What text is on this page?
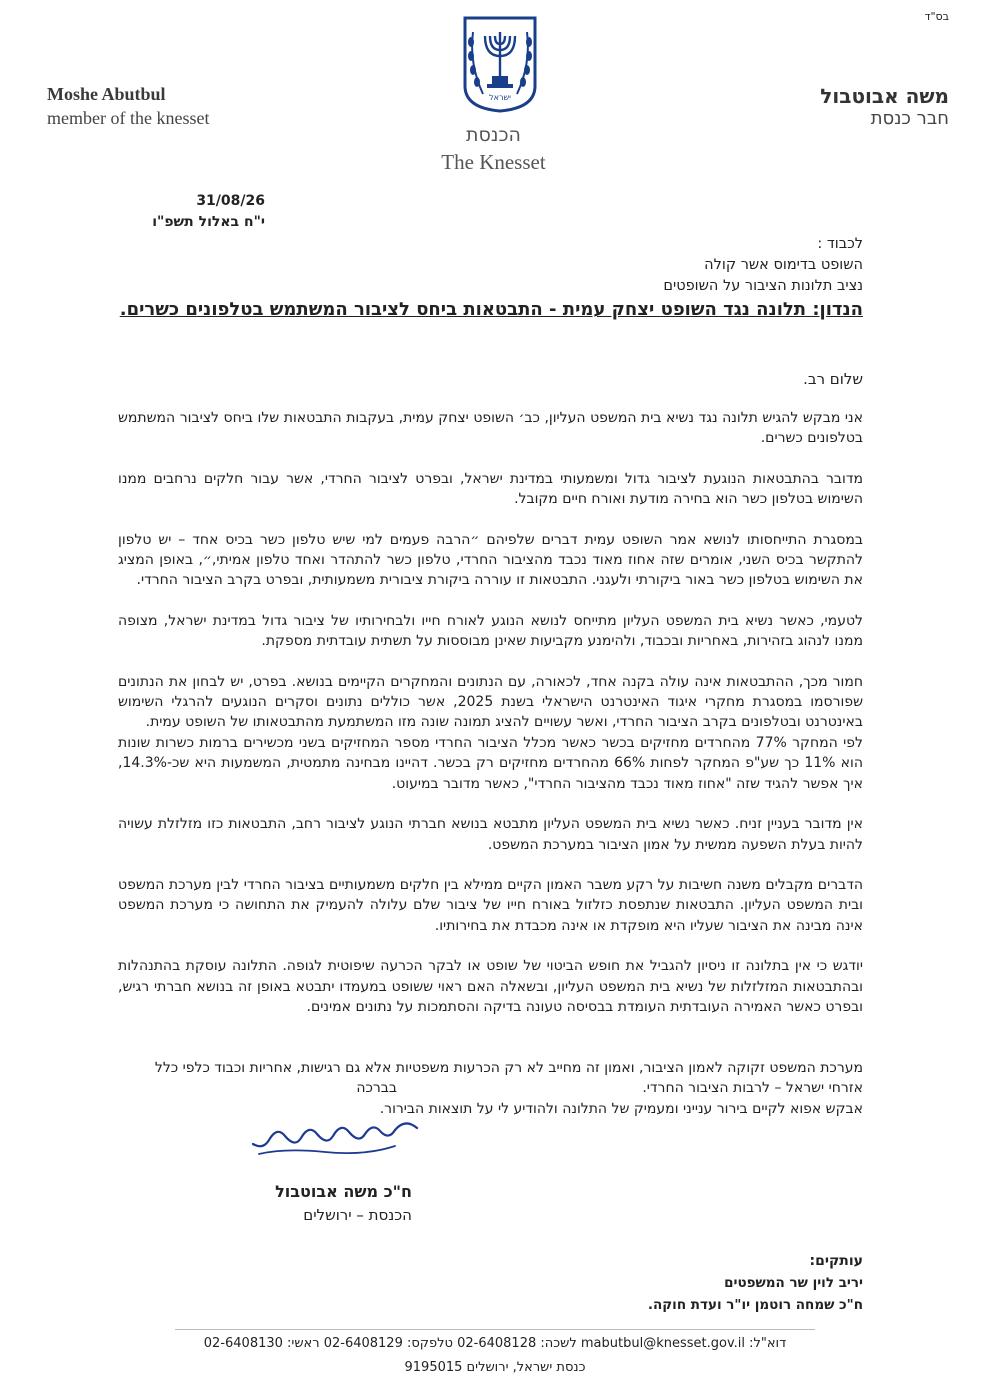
בס"ד
Moshe Abutbul
member of the knesset
משה אבוטבול
חבר כנסת
ישראל
הכנסת
The Knesset
31/08/26
י"ח באלול תשפ"ו
לכבוד :
השופט בדימוס אשר קולה
נציב תלונות הציבור על השופטים
הנדון: תלונה נגד השופט יצחק עמית - התבטאות ביחס לציבור המשתמש בטלפונים כשרים.
שלום רב.

אני מבקש להגיש תלונה נגד נשיא בית המשפט העליון, כב׳ השופט יצחק עמית, בעקבות התבטאות שלו ביחס לציבור המשתמש בטלפונים כשרים.

מדובר בהתבטאות הנוגעת לציבור גדול ומשמעותי במדינת ישראל, ובפרט לציבור החרדי, אשר עבור חלקים נרחבים ממנו השימוש בטלפון כשר הוא בחירה מודעת ואורח חיים מקובל.

במסגרת התייחסותו לנושא אמר השופט עמית דברים שלפיהם ״הרבה פעמים למי שיש טלפון כשר בכיס אחד – יש טלפון להתקשר בכיס השני, אומרים שזה אחוז מאוד נכבד מהציבור החרדי, טלפון כשר להתהדר ואחד טלפון אמיתי,״, באופן המציג את השימוש בטלפון כשר באור ביקורתי ולעגני. התבטאות זו עוררה ביקורת ציבורית משמעותית, ובפרט בקרב הציבור החרדי.

לטעמי, כאשר נשיא בית המשפט העליון מתייחס לנושא הנוגע לאורח חייו ולבחירותיו של ציבור גדול במדינת ישראל, מצופה ממנו לנהוג בזהירות, באחריות ובכבוד, ולהימנע מקביעות שאינן מבוססות על תשתית עובדתית מספקת.

חמור מכך, ההתבטאות אינה עולה בקנה אחד, לכאורה, עם הנתונים והמחקרים הקיימים בנושא. בפרט, יש לבחון את הנתונים שפורסמו במסגרת מחקרי איגוד האינטרנט הישראלי בשנת 2025, אשר כוללים נתונים וסקרים הנוגעים להרגלי השימוש באינטרנט ובטלפונים בקרב הציבור החרדי, ואשר עשויים להציג תמונה שונה מזו המשתמעת מהתבטאותו של השופט עמית.

לפי המחקר 77% מהחרדים מחזיקים בכשר כאשר מכלל הציבור החרדי מספר המחזיקים בשני מכשירים ברמות כשרות שונות הוא 11% כך שע"פ המחקר לפחות 66% מהחרדים מחזיקים רק בכשר. דהיינו מבחינה מתמטית, המשמעות היא שכ-14.3%, איך אפשר להגיד שזה "אחוז מאוד נכבד מהציבור החרדי", כאשר מדובר במיעוט.

אין מדובר בעניין זניח. כאשר נשיא בית המשפט העליון מתבטא בנושא חברתי הנוגע לציבור רחב, התבטאות כזו מזלזלת עשויה להיות בעלת השפעה ממשית על אמון הציבור במערכת המשפט.

הדברים מקבלים משנה חשיבות על רקע משבר האמון הקיים ממילא בין חלקים משמעותיים בציבור החרדי לבין מערכת המשפט ובית המשפט העליון. התבטאות שנתפסת כזלזול באורח חייו של ציבור שלם עלולה להעמיק את התחושה כי מערכת המשפט אינה מבינה את הציבור שעליו היא מופקדת או אינה מכבדת את בחירותיו.

יודגש כי אין בתלונה זו ניסיון להגביל את חופש הביטוי של שופט או לבקר הכרעה שיפוטית לגופה. התלונה עוסקת בהתנהלות ובהתבטאות המזלזלות של נשיא בית המשפט העליון, ובשאלה האם ראוי ששופט במעמדו יתבטא באופן זה בנושא חברתי רגיש, ובפרט כאשר האמירה העובדתית העומדת בבסיסה טעונה בדיקה והסתמכות על נתונים אמינים.

מערכת המשפט זקוקה לאמון הציבור, ואמון זה מחייב לא רק הכרעות משפטיות אלא גם רגישות, אחריות וכבוד כלפי כלל אזרחי ישראל – לרבות הציבור החרדי.
אבקש אפוא לקיים בירור ענייני ומעמיק של התלונה ולהודיע לי על תוצאות הבירור.
בברכה
ח"כ משה אבוטבול
הכנסת – ירושלים
עותקים:
יריב לוין שר המשפטים
ח"כ שמחה רוטמן יו"ר ועדת חוקה.
דוא"ל: mabutbul@knesset.gov.il לשכה: 02-6408128 טלפקס: 02-6408129 ראשי: 02-6408130
כנסת ישראל, ירושלים 9195015
